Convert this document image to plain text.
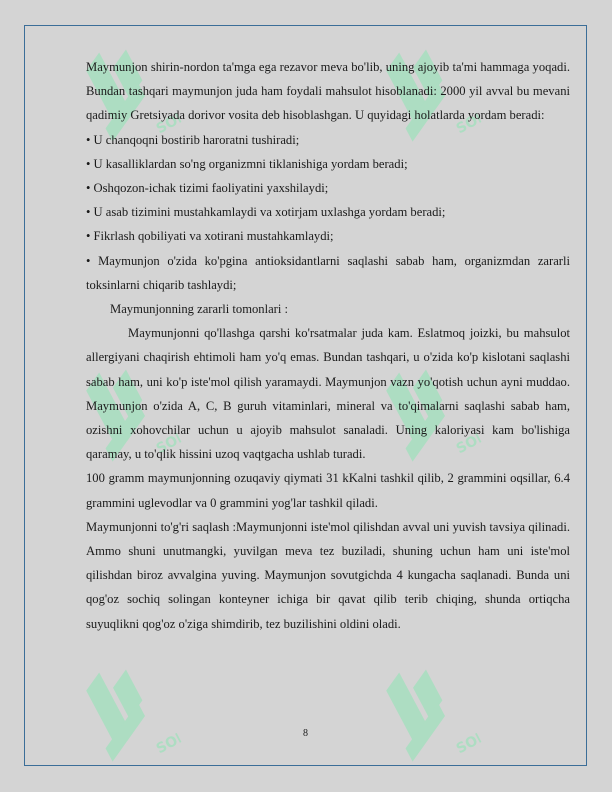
SOFT	SOFT
SOFT	SOFT
SOFT	SOFT

Maymunjon shirin-nordon ta'mga ega rezavor meva bo'lib, uning ajoyib ta'mi hammaga yoqadi. Bundan tashqari maymunjon juda ham foydali mahsulot hisoblanadi: 2000 yil avval bu mevani qadimiy Gretsiyada dorivor vosita deb hisoblashgan. U quyidagi holatlarda yordam beradi:

• U chanqoqni bostirib haroratni tushiradi;

• U kasalliklardan so'ng organizmni tiklanishiga yordam beradi;

• Oshqozon-ichak tizimi faoliyatini yaxshilaydi;

• U asab tizimini mustahkamlaydi va xotirjam uxlashga yordam beradi;

• Fikrlash qobiliyati va xotirani mustahkamlaydi;

• Maymunjon o'zida ko'pgina antioksidantlarni saqlashi sabab ham, organizmdan zararli toksinlarni chiqarib tashlaydi;

Maymunjonning zararli tomonlari :

Maymunjonni qo'llashga qarshi ko'rsatmalar juda kam. Eslatmoq joizki, bu mahsulot allergiyani chaqirish ehtimoli ham yo'q emas. Bundan tashqari, u o'zida ko'p kislotani saqlashi sabab ham, uni ko'p iste'mol qilish yaramaydi. Maymunjon vazn yo'qotish uchun ayni muddao. Maymunjon o'zida A, C, B guruh vitaminlari, mineral va to'qimalarni saqlashi sabab ham, ozishni xohovchilar uchun u ajoyib mahsulot sanaladi. Uning kaloriyasi kam bo'lishiga qaramay, u to'qlik hissini uzoq vaqtgacha ushlab turadi.

100 gramm maymunjonning ozuqaviy qiymati 31 kKalni tashkil qilib, 2 grammini oqsillar, 6.4 grammini uglevodlar va 0 grammini yog'lar tashkil qiladi.

Maymunjonni to'g'ri saqlash :Maymunjonni iste'mol qilishdan avval uni yuvish tavsiya qilinadi. Ammo shuni unutmangki, yuvilgan meva tez buziladi, shuning uchun ham uni iste'mol qilishdan biroz avvalgina yuving. Maymunjon sovutgichda 4 kungacha saqlanadi. Bunda uni qog'oz sochiq solingan konteyner ichiga bir qavat qilib terib chiqing, shunda ortiqcha suyuqlikni qog'oz o'ziga shimdirib, tez buzilishini oldini oladi.

8
